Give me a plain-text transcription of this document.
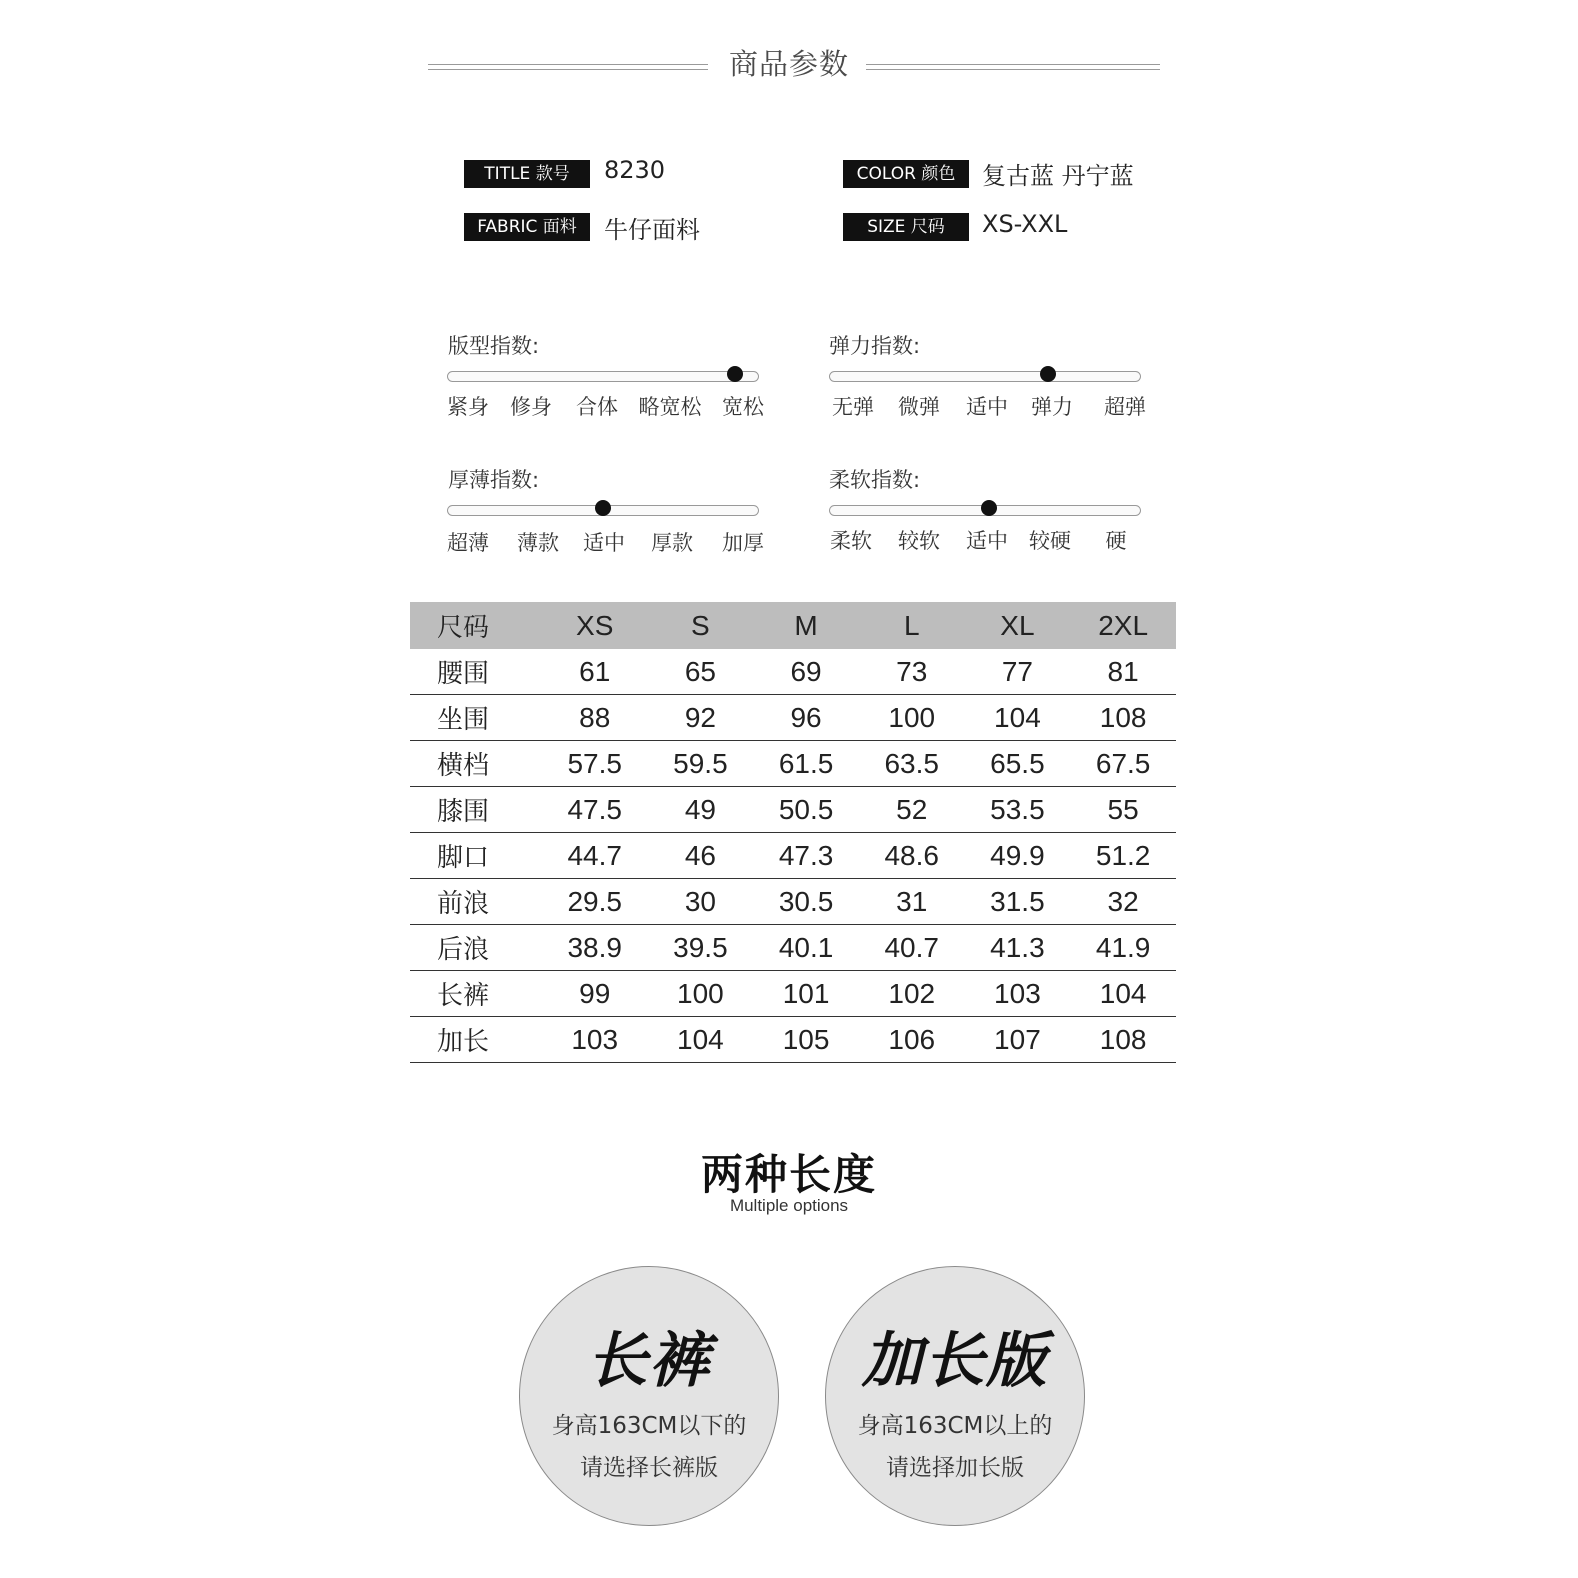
商品参数
TITLE 款号	8230	COLOR 颜色	复古蓝 丹宁蓝
FABRIC 面料	牛仔面料	SIZE 尺码	XS-XXL
版型指数:
紧身	修身	合体 略宽松 宽松
弹力指数:
无弹	微弹	适中	弹力	超弹
厚薄指数:
超薄	薄款	适中	厚款	加厚
柔软指数:
柔软	较软	适中	较硬	硬
尺码	XS	S	M	L	XL	2XL
腰围	61	65	69	73	77	81
坐围	88	92	96	100	104	108
横档	57.5	59.5	61.5	63.5	65.5	67.5
膝围	47.5	49	50.5	52	53.5	55
脚口	44.7	46	47.3	48.6	49.9	51.2
前浪	29.5	30	30.5	31	31.5	32
后浪	38.9	39.5	40.1	40.7	41.3	41.9
长裤	99	100	101	102	103	104
加长	103	104	105	106	107	108
两种长度
Multiple options
长裤
身高163CM以下的
请选择长裤版
加长版
身高163CM以上的
请选择加长版
